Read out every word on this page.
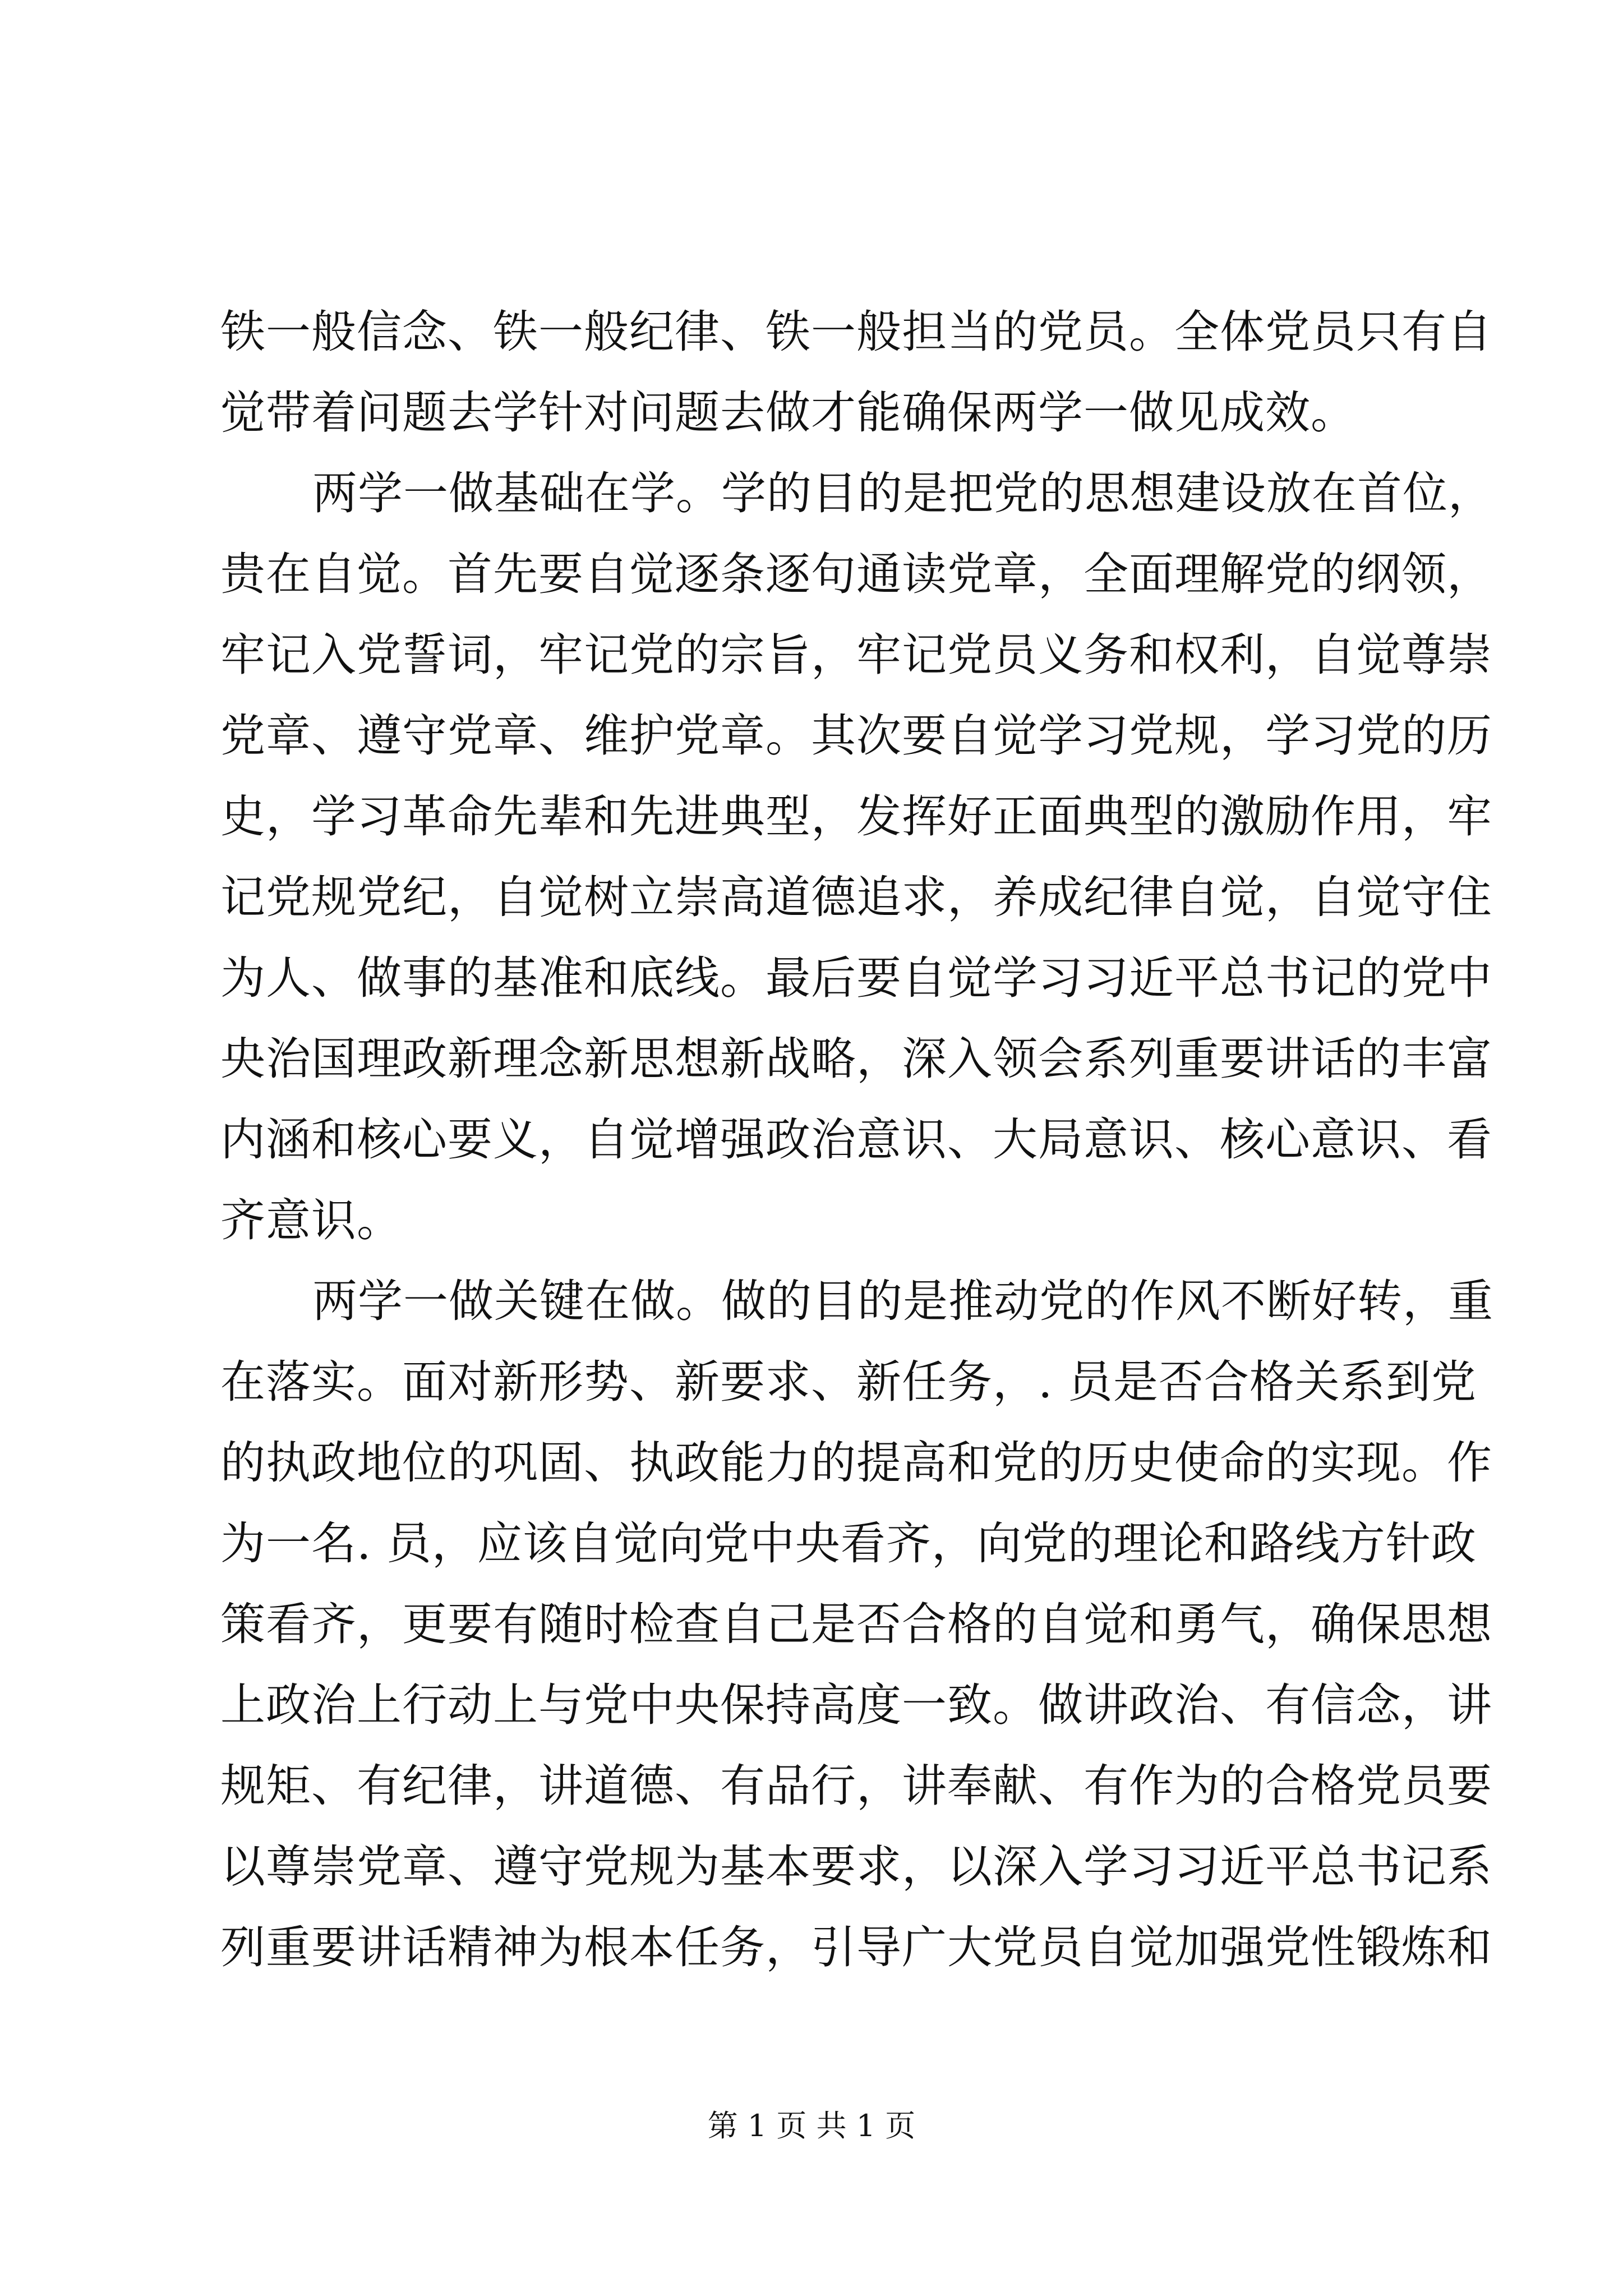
铁一般信念、铁一般纪律、铁一般担当的党员。全体党员只有自
觉带着问题去学针对问题去做才能确保两学一做见成效。
两学一做基础在学。学的目的是把党的思想建设放在首位，
贵在自觉。首先要自觉逐条逐句通读党章，全面理解党的纲领，
牢记入党誓词，牢记党的宗旨，牢记党员义务和权利，自觉尊崇
党章、遵守党章、维护党章。其次要自觉学习党规，学习党的历
史，学习革命先辈和先进典型，发挥好正面典型的激励作用，牢
记党规党纪，自觉树立崇高道德追求，养成纪律自觉，自觉守住
为人、做事的基准和底线。最后要自觉学习习近平总书记的党中
央治国理政新理念新思想新战略，深入领会系列重要讲话的丰富
内涵和核心要义，自觉增强政治意识、大局意识、核心意识、看
齐意识。
两学一做关键在做。做的目的是推动党的作风不断好转，重
在落实。面对新形势、新要求、新任务，. 员是否合格关系到党
的执政地位的巩固、执政能力的提高和党的历史使命的实现。作
为一名. 员，应该自觉向党中央看齐，向党的理论和路线方针政
策看齐，更要有随时检查自己是否合格的自觉和勇气，确保思想
上政治上行动上与党中央保持高度一致。做讲政治、有信念，讲
规矩、有纪律，讲道德、有品行，讲奉献、有作为的合格党员要
以尊崇党章、遵守党规为基本要求，以深入学习习近平总书记系
列重要讲话精神为根本任务，引导广大党员自觉加强党性锻炼和
第 1 页 共 1 页
